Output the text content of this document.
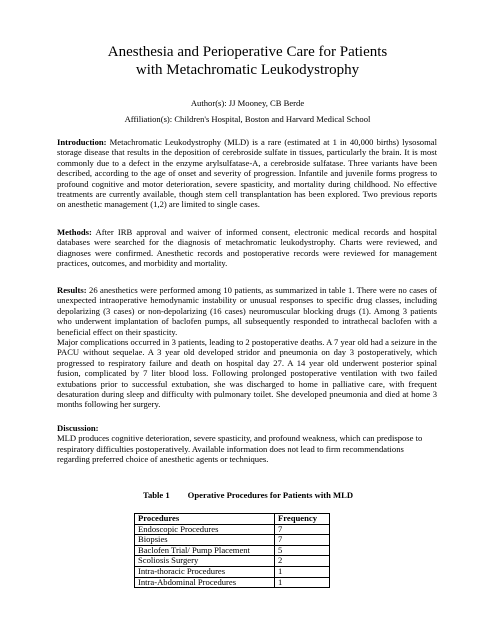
Anesthesia and Perioperative Care for Patients
with Metachromatic Leukodystrophy
Author(s): JJ Mooney, CB Berde
Affiliation(s): Children's Hospital, Boston and Harvard Medical School
Introduction: Metachromatic Leukodystrophy (MLD) is a rare (estimated at 1 in 40,000 births) lysosomal storage disease that results in the deposition of cerebroside sulfate in tissues, particularly the brain. It is most commonly due to a defect in the enzyme arylsulfatase-A, a cerebroside sulfatase. Three variants have been described, according to the age of onset and severity of progression. Infantile and juvenile forms progress to profound cognitive and motor deterioration, severe spasticity, and mortality during childhood. No effective treatments are currently available, though stem cell transplantation has been explored. Two previous reports on anesthetic management (1,2) are limited to single cases.
Methods: After IRB approval and waiver of informed consent, electronic medical records and hospital databases were searched for the diagnosis of metachromatic leukodystrophy. Charts were reviewed, and diagnoses were confirmed. Anesthetic records and postoperative records were reviewed for management practices, outcomes, and morbidity and mortality.
Results: 26 anesthetics were performed among 10 patients, as summarized in table 1. There were no cases of unexpected intraoperative hemodynamic instability or unusual responses to specific drug classes, including depolarizing (3 cases) or non-depolarizing (16 cases) neuromuscular blocking drugs (1). Among 3 patients who underwent implantation of baclofen pumps, all subsequently responded to intrathecal baclofen with a beneficial effect on their spasticity.
Major complications occurred in 3 patients, leading to 2 postoperative deaths. A 7 year old had a seizure in the PACU without sequelae. A 3 year old developed stridor and pneumonia on day 3 postoperatively, which progressed to respiratory failure and death on hospital day 27. A 14 year old underwent posterior spinal fusion, complicated by 7 liter blood loss. Following prolonged postoperative ventilation with two failed extubations prior to successful extubation, she was discharged to home in palliative care, with frequent desaturation during sleep and difficulty with pulmonary toilet. She developed pneumonia and died at home 3 months following her surgery.
Discussion:
MLD produces cognitive deterioration, severe spasticity, and profound weakness, which can predispose to respiratory difficulties postoperatively. Available information does not lead to firm recommendations regarding preferred choice of anesthetic agents or techniques.
Table 1 Operative Procedures for Patients with MLD
Procedures	Frequency
Endoscopic Procedures	7
Biopsies	7
Baclofen Trial/ Pump Placement	5
Scoliosis Surgery	2
Intra-thoracic Procedures	1
Intra-Abdominal Procedures	1
